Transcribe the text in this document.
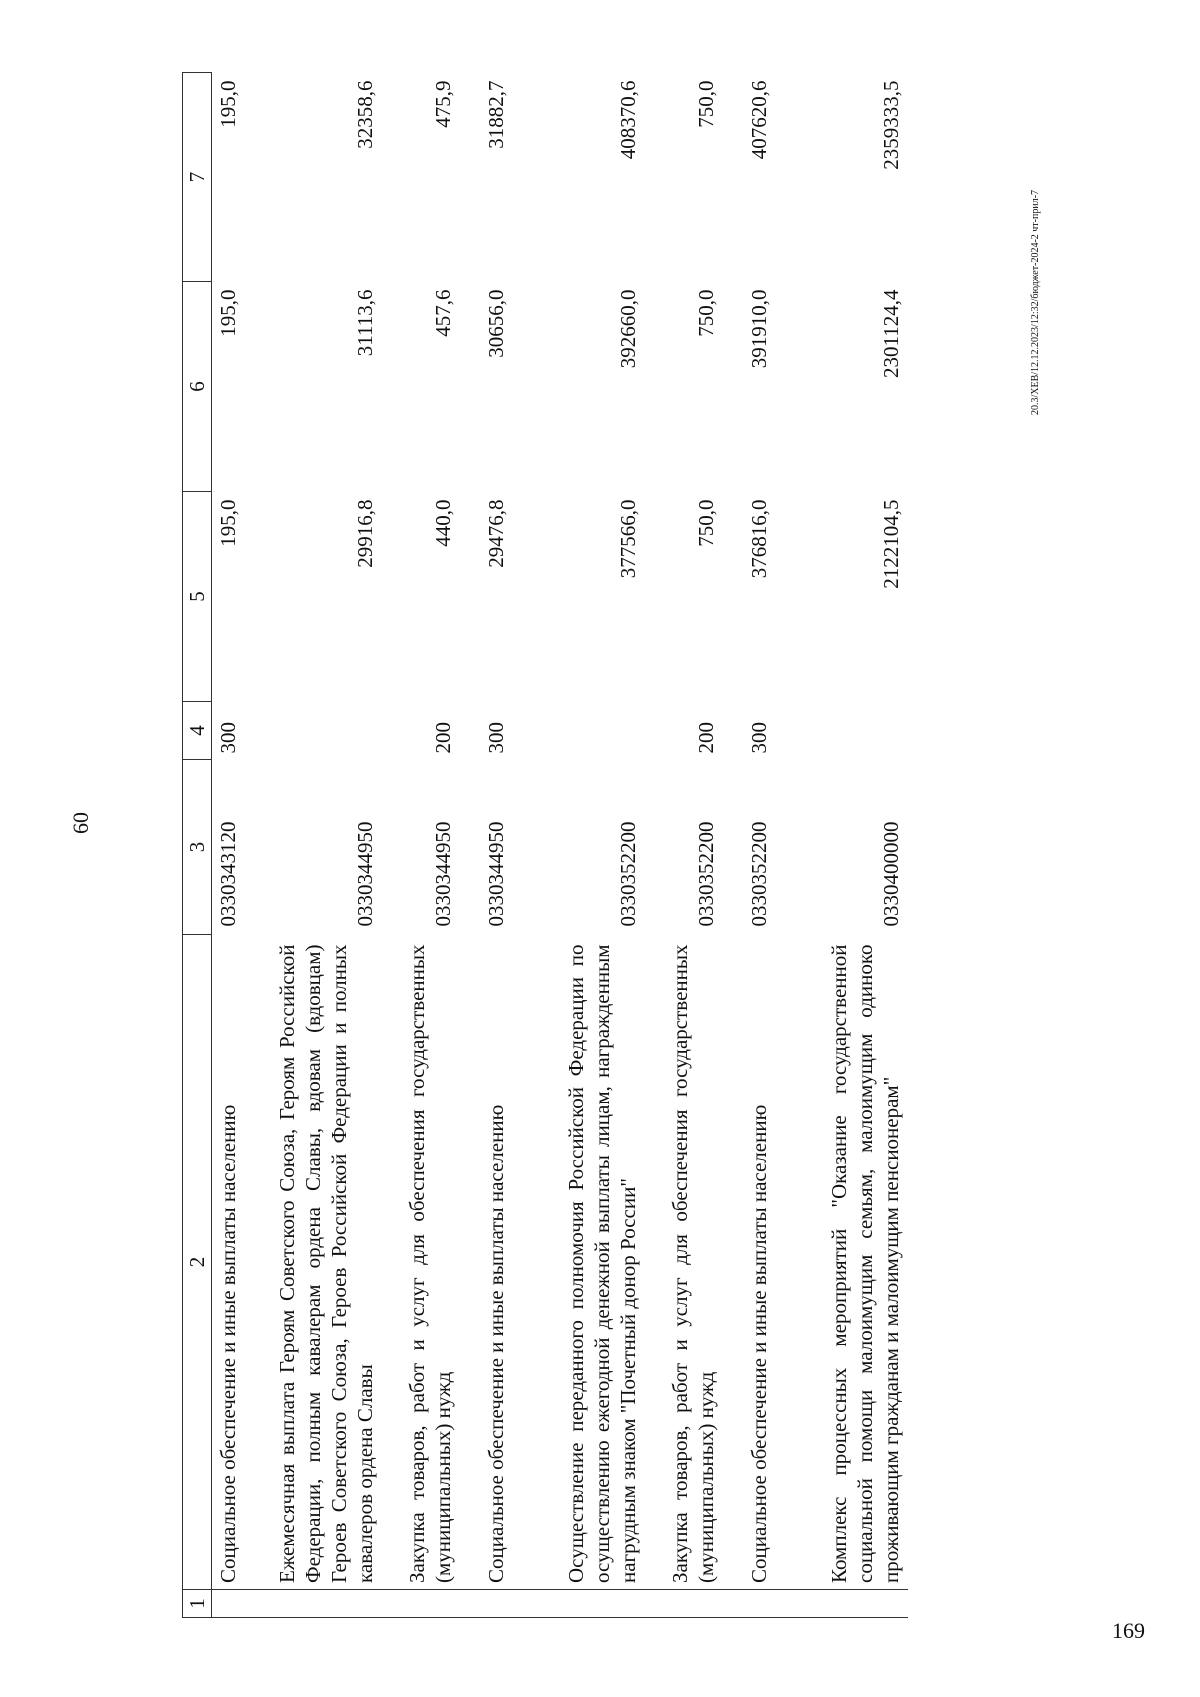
60
20.3/ХЕВ/12.12.2023/12:32/бюджет-2024-2 чт-прил-7
169
1	2	3	4	5	6	7
	Социальное обеспечение и иные выплаты населению	0330343120	300	195,0	195,0	195,0
	Ежемесячная выплата Героям Советского Союза, Героям Российской Федерации, полным кавалерам ордена Славы, вдовам (вдовцам) Героев Советского Союза, Героев Российской Федерации и полных кавалеров ордена Славы	0330344950		29916,8	31113,6	32358,6
	Закупка товаров, работ и услуг для обеспечения государственных (муниципальных) нужд	0330344950	200	440,0	457,6	475,9
	Социальное обеспечение и иные выплаты населению	0330344950	300	29476,8	30656,0	31882,7
	Осуществление переданного полномочия Российской Федерации по осуществлению ежегодной денежной выплаты лицам, награжденным нагрудным знаком "Почетный донор России"	0330352200		377566,0	392660,0	408370,6
	Закупка товаров, работ и услуг для обеспечения государственных (муниципальных) нужд	0330352200	200	750,0	750,0	750,0
	Социальное обеспечение и иные выплаты населению	0330352200	300	376816,0	391910,0	407620,6
	Комплекс процессных мероприятий "Оказание государственной социальной помощи малоимущим семьям, малоимущим одиноко проживающим гражданам и малоимущим пенсионерам"	0330400000		2122104,5	2301124,4	2359333,5
